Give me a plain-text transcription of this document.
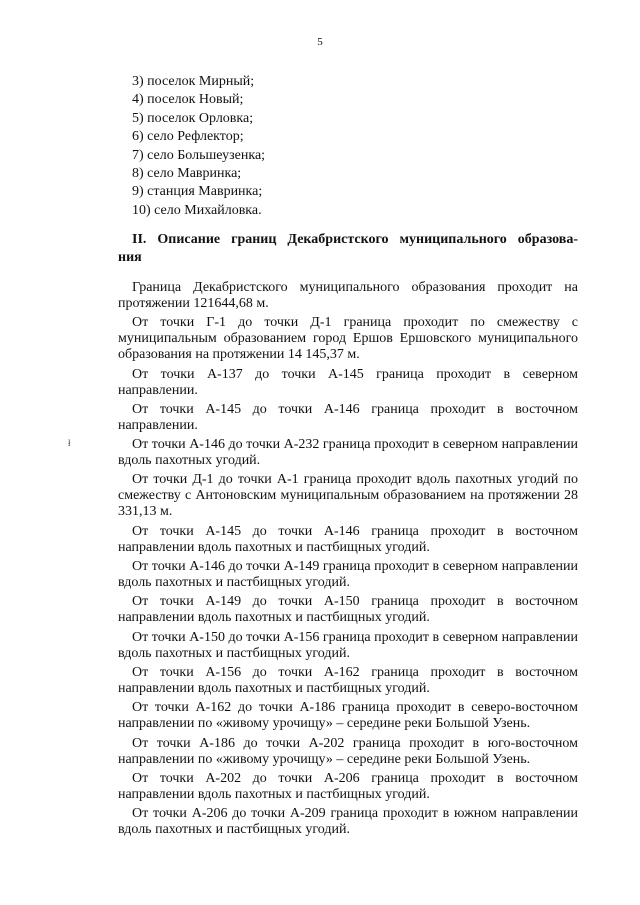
5
3) поселок Мирный;
4) поселок Новый;
5) поселок Орловка;
6) село Рефлектор;
7) село Большеузенка;
8) село Мавринка;
9) станция Мавринка;
10) село Михайловка.
II. Описание границ Декабристского муниципального образова-
ния
ł

Граница Декабристского муниципального образования проходит на протяжении 121644,68 м.

От точки Г-1 до точки Д-1 граница проходит по смежеству с муниципальным образованием город Ершов Ершовского муниципального образования на протяжении 14 145,37 м.

От точки А-137 до точки А-145 граница проходит в северном направлении.

От точки А-145 до точки А-146 граница проходит в восточном направлении.

От точки А-146 до точки А-232 граница проходит в северном направлении вдоль пахотных угодий.

От точки Д-1 до точки А-1 граница проходит вдоль пахотных угодий по смежеству с Антоновским муниципальным образованием на протяжении 28 331,13 м.

От точки А-145 до точки А-146 граница проходит в восточном направлении вдоль пахотных и пастбищных угодий.

От точки А-146 до точки А-149 граница проходит в северном направлении вдоль пахотных и пастбищных угодий.

От точки А-149 до точки А-150 граница проходит в восточном направлении вдоль пахотных и пастбищных угодий.

От точки А-150 до точки А-156 граница проходит в северном направлении вдоль пахотных и пастбищных угодий.

От точки А-156 до точки А-162 граница проходит в восточном направлении вдоль пахотных и пастбищных угодий.

От точки А-162 до точки А-186 граница проходит в северо-восточном направлении по «живому урочищу» – середине реки Большой Узень.

От точки А-186 до точки А-202 граница проходит в юго-восточном направлении по «живому урочищу» – середине реки Большой Узень.

От точки А-202 до точки А-206 граница проходит в восточном направлении вдоль пахотных и пастбищных угодий.

От точки А-206 до точки А-209 граница проходит в южном направлении вдоль пахотных и пастбищных угодий.
